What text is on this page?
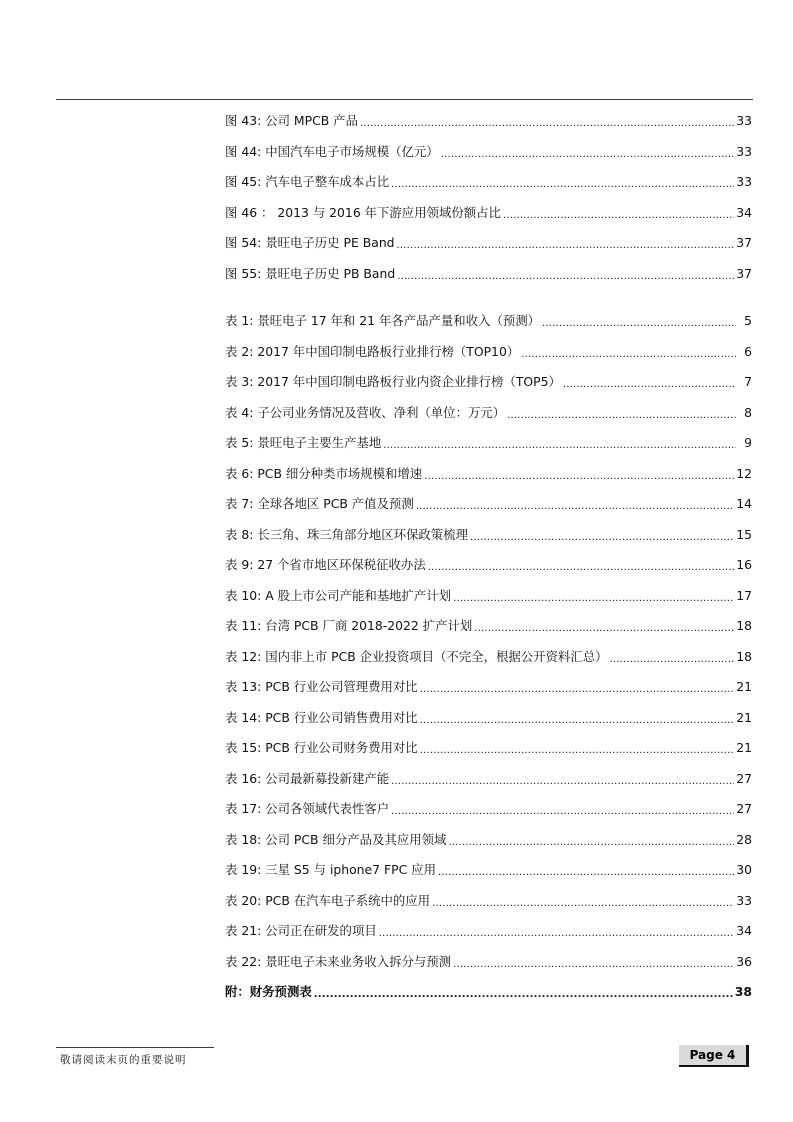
图 43: 公司 MPCB 产品 .....	33
图 44: 中国汽车电子市场规模（亿元） .....	33
图 45: 汽车电子整车成本占比 .....	33
图 46 ： 2013 与 2016 年下游应用领域份额占比 .....	34
图 54: 景旺电子历史 PE Band .....	37
图 55: 景旺电子历史 PB Band .....	37
表 1: 景旺电子 17 年和 21 年各产品产量和收入（预测） .....	5
表 2: 2017 年中国印制电路板行业排行榜（TOP10） .....	6
表 3: 2017 年中国印制电路板行业内资企业排行榜（TOP5） .....	7
表 4: 子公司业务情况及营收、净利（单位：万元） .....	8
表 5: 景旺电子主要生产基地 .....	9
表 6: PCB 细分种类市场规模和增速 .....	12
表 7: 全球各地区 PCB 产值及预测 .....	14
表 8: 长三角、珠三角部分地区环保政策梳理 .....	15
表 9: 27 个省市地区环保税征收办法 .....	16
表 10: A 股上市公司产能和基地扩产计划 .....	17
表 11: 台湾 PCB 厂商 2018-2022 扩产计划 .....	18
表 12: 国内非上市 PCB 企业投资项目（不完全，根据公开资料汇总） .....	18
表 13: PCB 行业公司管理费用对比 .....	21
表 14: PCB 行业公司销售费用对比 .....	21
表 15: PCB 行业公司财务费用对比 .....	21
表 16: 公司最新募投新建产能 .....	27
表 17: 公司各领域代表性客户 .....	27
表 18: 公司 PCB 细分产品及其应用领域 .....	28
表 19: 三星 S5 与 iphone7 FPC 应用 .....	30
表 20: PCB 在汽车电子系统中的应用 .....	33
表 21: 公司正在研发的项目 .....	34
表 22: 景旺电子未来业务收入拆分与预测 .....	36
附：财务预测表 .....	38
敬请阅读末页的重要说明	Page 4
